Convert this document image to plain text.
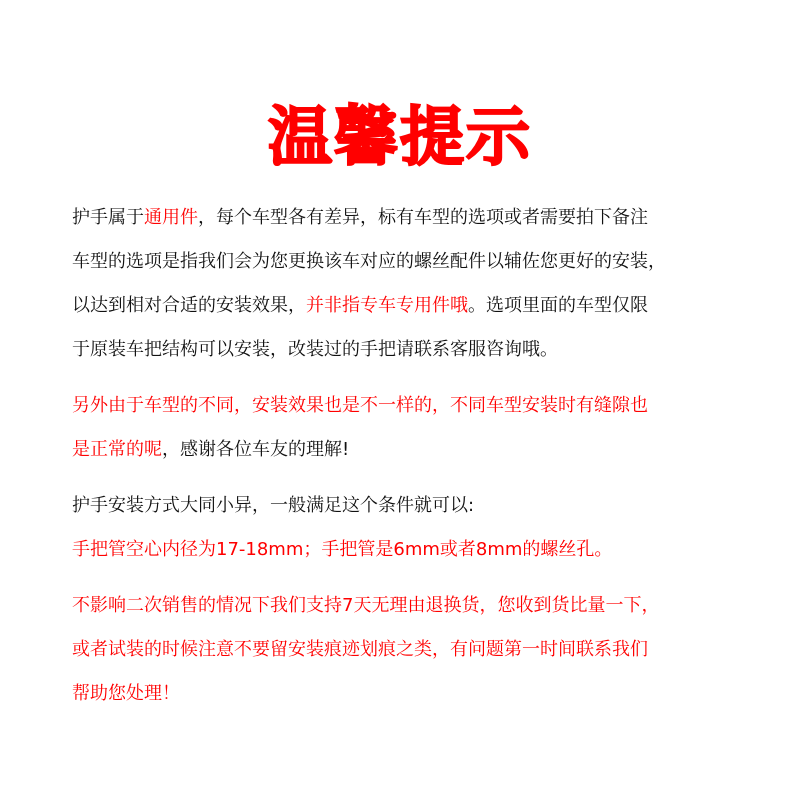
温馨提示
护手属于通用件，每个车型各有差异，标有车型的选项或者需要拍下备注
车型的选项是指我们会为您更换该车对应的螺丝配件以辅佐您更好的安装，
以达到相对合适的安装效果，并非指专车专用件哦。选项里面的车型仅限
于原装车把结构可以安装，改装过的手把请联系客服咨询哦。
另外由于车型的不同，安装效果也是不一样的，不同车型安装时有缝隙也
是正常的呢，感谢各位车友的理解!
护手安装方式大同小异，一般满足这个条件就可以:
手把管空心内径为17-18mm；手把管是6mm或者8mm的螺丝孔。
不影响二次销售的情况下我们支持7天无理由退换货，您收到货比量一下，
或者试装的时候注意不要留安装痕迹划痕之类，有问题第一时间联系我们
帮助您处理！
